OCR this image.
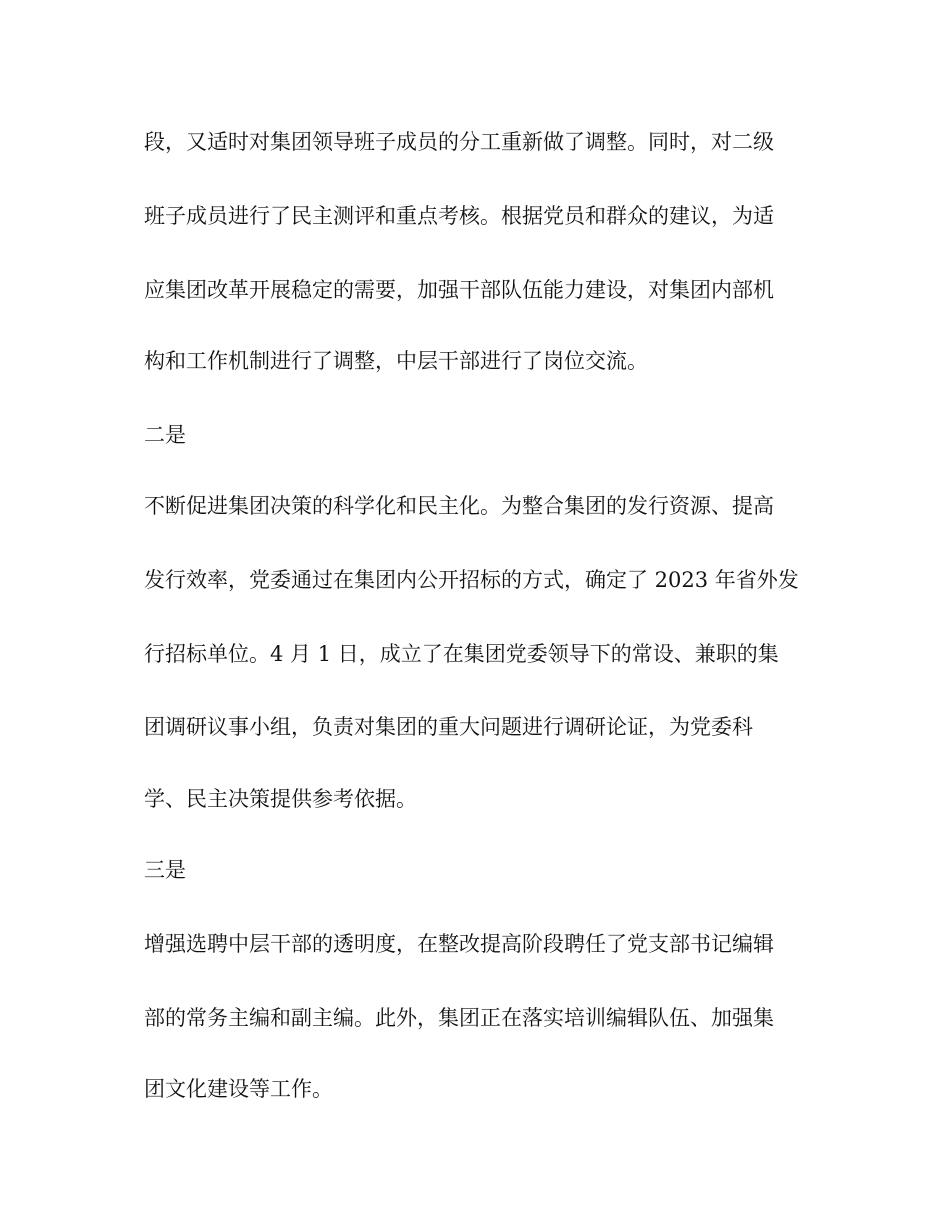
段，又适时对集团领导班子成员的分工重新做了调整。同时，对二级

班子成员进行了民主测评和重点考核。根据党员和群众的建议，为适

应集团改革开展稳定的需要，加强干部队伍能力建设，对集团内部机

构和工作机制进行了调整，中层干部进行了岗位交流。

二是

不断促进集团决策的科学化和民主化。为整合集团的发行资源、提高

发行效率，党委通过在集团内公开招标的方式，确定了 2023 年省外发

行招标单位。4 月 1 日，成立了在集团党委领导下的常设、兼职的集

团调研议事小组，负责对集团的重大问题进行调研论证，为党委科

学、民主决策提供参考依据。

三是

增强选聘中层干部的透明度，在整改提高阶段聘任了党支部书记编辑

部的常务主编和副主编。此外，集团正在落实培训编辑队伍、加强集

团文化建设等工作。
